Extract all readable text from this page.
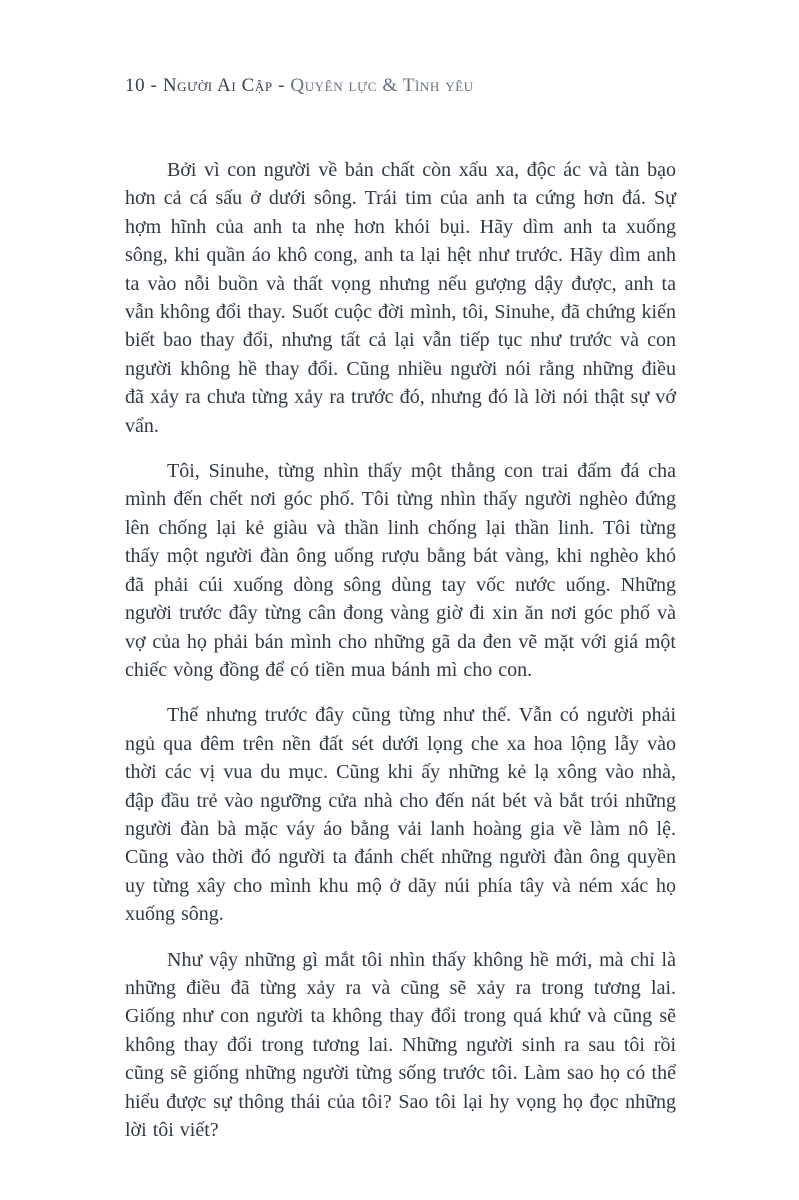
10 - Người Ai Cập - Quyên lực & Tình yêu

Bởi vì con người về bản chất còn xấu xa, độc ác và tàn bạo hơn cả cá sấu ở dưới sông. Trái tim của anh ta cứng hơn đá. Sự hợm hĩnh của anh ta nhẹ hơn khói bụi. Hãy dìm anh ta xuống sông, khi quần áo khô cong, anh ta lại hệt như trước. Hãy dìm anh ta vào nỗi buồn và thất vọng nhưng nếu gượng dậy được, anh ta vẫn không đổi thay. Suốt cuộc đời mình, tôi, Sinuhe, đã chứng kiến biết bao thay đổi, nhưng tất cả lại vẫn tiếp tục như trước và con người không hề thay đổi. Cũng nhiều người nói rằng những điều đã xảy ra chưa từng xảy ra trước đó, nhưng đó là lời nói thật sự vớ vẩn.

Tôi, Sinuhe, từng nhìn thấy một thằng con trai đấm đá cha mình đến chết nơi góc phố. Tôi từng nhìn thấy người nghèo đứng lên chống lại kẻ giàu và thần linh chống lại thần linh. Tôi từng thấy một người đàn ông uống rượu bằng bát vàng, khi nghèo khó đã phải cúi xuống dòng sông dùng tay vốc nước uống. Những người trước đây từng cân đong vàng giờ đi xin ăn nơi góc phố và vợ của họ phải bán mình cho những gã da đen vẽ mặt với giá một chiếc vòng đồng để có tiền mua bánh mì cho con.

Thế nhưng trước đây cũng từng như thế. Vẫn có người phải ngủ qua đêm trên nền đất sét dưới lọng che xa hoa lộng lẫy vào thời các vị vua du mục. Cũng khi ấy những kẻ lạ xông vào nhà, đập đầu trẻ vào ngưỡng cửa nhà cho đến nát bét và bắt trói những người đàn bà mặc váy áo bằng vải lanh hoàng gia về làm nô lệ. Cũng vào thời đó người ta đánh chết những người đàn ông quyền uy từng xây cho mình khu mộ ở dãy núi phía tây và ném xác họ xuống sông.

Như vậy những gì mắt tôi nhìn thấy không hề mới, mà chỉ là những điều đã từng xảy ra và cũng sẽ xảy ra trong tương lai. Giống như con người ta không thay đổi trong quá khứ và cũng sẽ không thay đổi trong tương lai. Những người sinh ra sau tôi rồi cũng sẽ giống những người từng sống trước tôi. Làm sao họ có thể hiểu được sự thông thái của tôi? Sao tôi lại hy vọng họ đọc những lời tôi viết?
